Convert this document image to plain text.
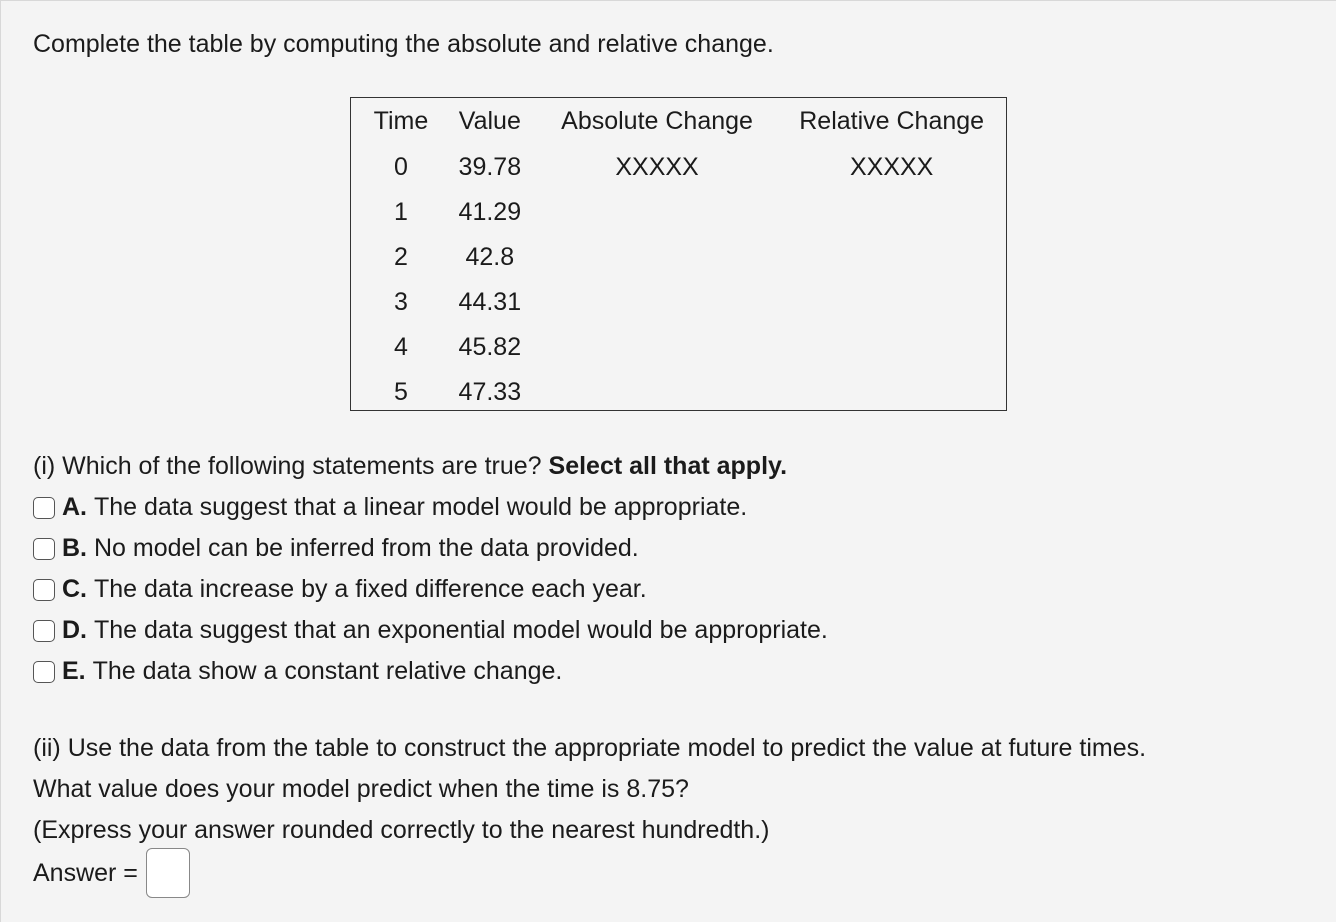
Complete the table by computing the absolute and relative change.

Time	Value	Absolute Change	Relative Change
0	39.78	XXXXX	XXXXX
1	41.29		
2	42.8		
3	44.31		
4	45.82		
5	47.33		
(i) Which of the following statements are true? Select all that apply.
A. The data suggest that a linear model would be appropriate.
B. No model can be inferred from the data provided.
C. The data increase by a fixed difference each year.
D. The data suggest that an exponential model would be appropriate.
E. The data show a constant relative change.
(ii) Use the data from the table to construct the appropriate model to predict the value at future times.
What value does your model predict when the time is 8.75?
(Express your answer rounded correctly to the nearest hundredth.)
Answer =
